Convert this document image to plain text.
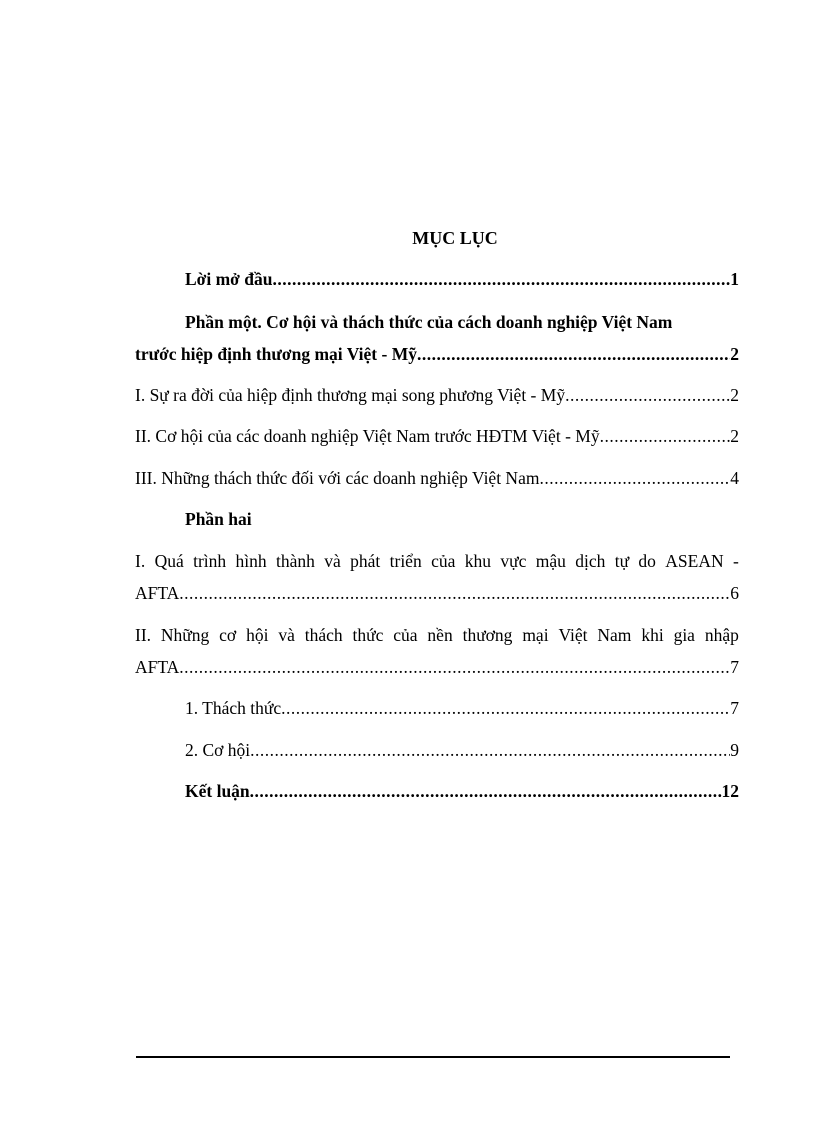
MỤC LỤC
Lời mở đầu .....	1
Phần một. Cơ hội và thách thức của cách doanh nghiệp Việt Nam
trước hiệp định thương mại Việt - Mỹ .....	2
I. Sự ra đời của hiệp định thương mại song phương Việt - Mỹ .....	2
II. Cơ hội của các doanh nghiệp Việt Nam trước HĐTM Việt - Mỹ .....	2
III. Những thách thức đối với các doanh nghiệp Việt Nam .....	4
Phần hai
I. Quá trình hình thành và phát triển của khu vực mậu dịch tự do ASEAN -
AFTA .....	6
II. Những cơ hội và thách thức của nền thương mại Việt Nam khi gia nhập
AFTA .....	7
1. Thách thức .....	7
2. Cơ hội .....	9
Kết luận .....	12
